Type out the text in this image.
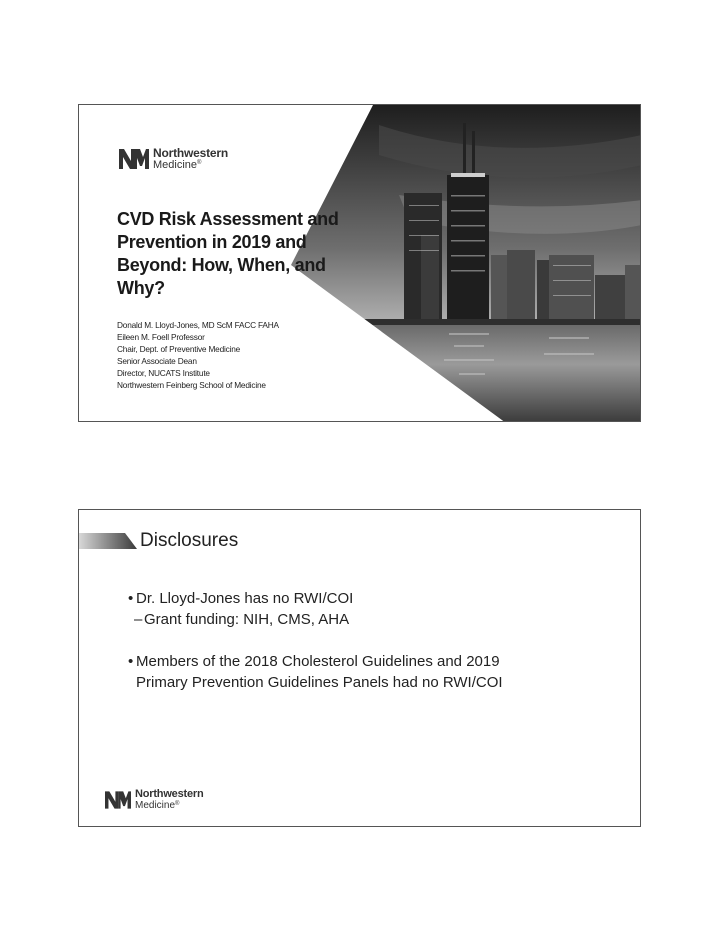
Northwestern
Medicine®
CVD Risk Assessment and Prevention in 2019 and Beyond: How, When, and Why?
Donald M. Lloyd-Jones, MD ScM FACC FAHA
Eileen M. Foell Professor
Chair, Dept. of Preventive Medicine
Senior Associate Dean
Director, NUCATS Institute
Northwestern Feinberg School of Medicine
Disclosures
• Dr. Lloyd-Jones has no RWI/COI
– Grant funding: NIH, CMS, AHA
• Members of the 2018 Cholesterol Guidelines and 2019
Primary Prevention Guidelines Panels had no RWI/COI
Northwestern
Medicine®
